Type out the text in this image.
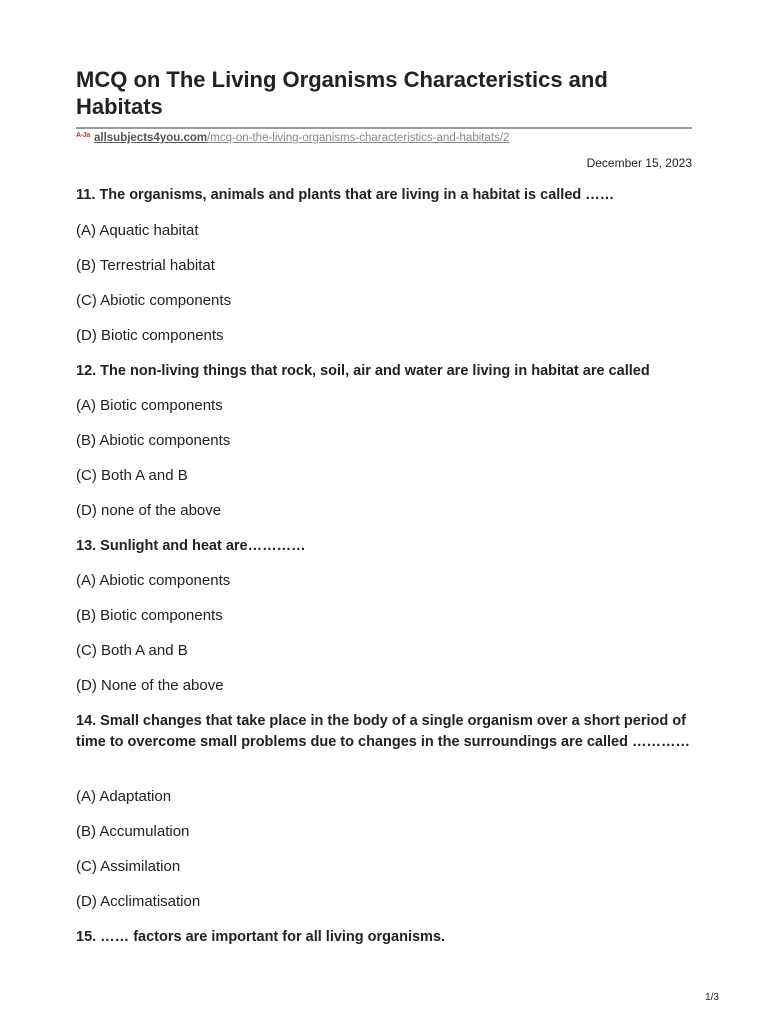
MCQ on The Living Organisms Characteristics and Habitats
A-Ja allsubjects4you.com/mcq-on-the-living-organisms-characteristics-and-habitats/2
December 15, 2023
11. The organisms, animals and plants that are living in a habitat is called ……
(A) Aquatic habitat
(B) Terrestrial habitat
(C) Abiotic components
(D) Biotic components
12. The non-living things that rock, soil, air and water are living in habitat are called
(A) Biotic components
(B) Abiotic components
(C) Both A and B
(D) none of the above
13. Sunlight and heat are…………
(A) Abiotic components
(B) Biotic components
(C) Both A and B
(D) None of the above
14. Small changes that take place in the body of a single organism over a short period of time to overcome small problems due to changes in the surroundings are called …………
(A) Adaptation
(B) Accumulation
(C) Assimilation
(D) Acclimatisation
15. …… factors are important for all living organisms.
1/3
